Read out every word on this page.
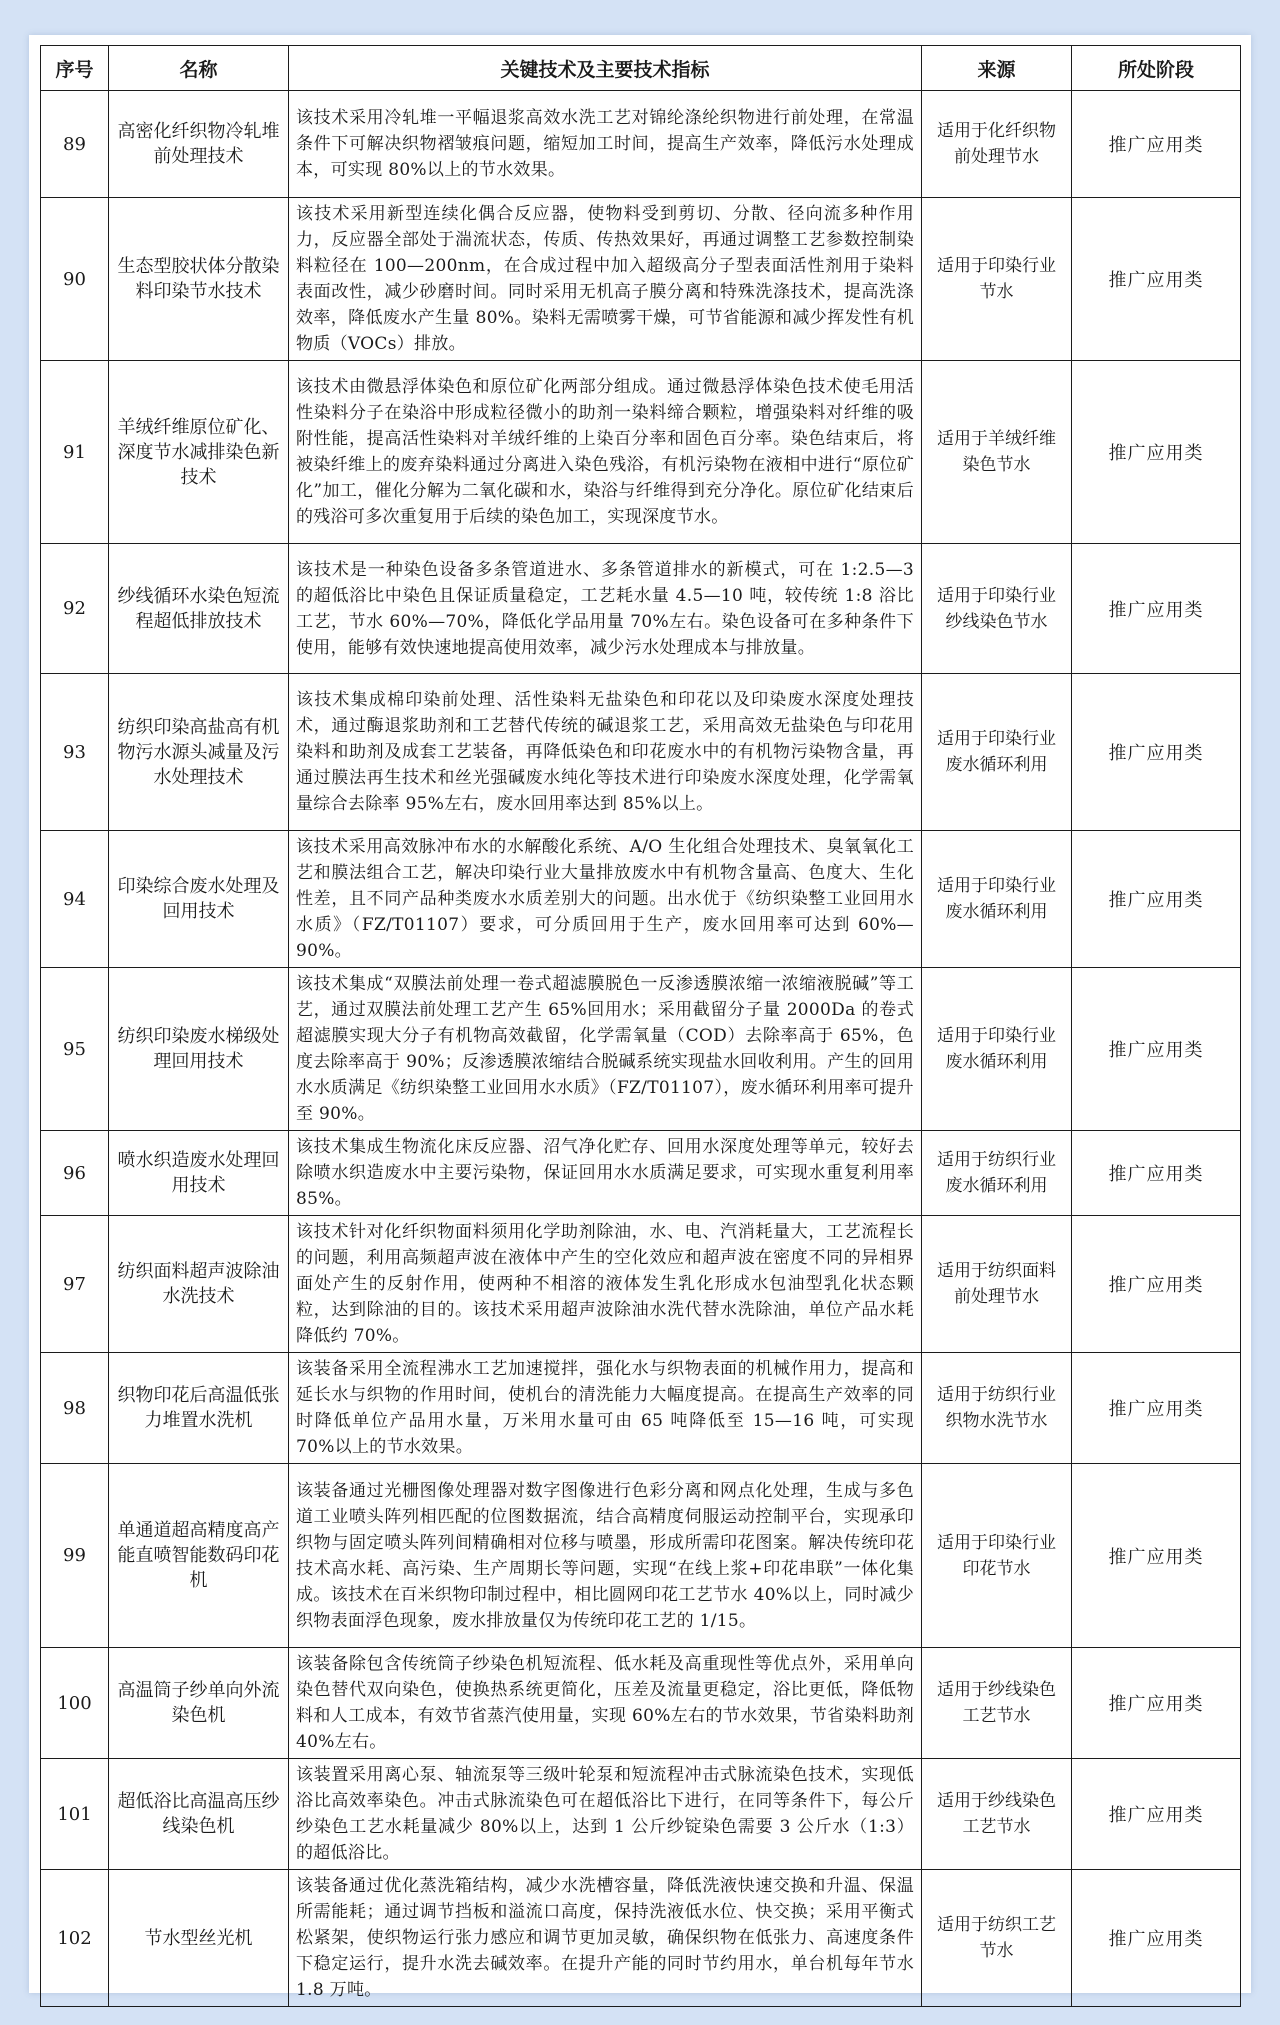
序号	名称	关键技术及主要技术指标	来源	所处阶段
89	高密化纤织物冷轧堆前处理技术	该技术采用冷轧堆一平幅退浆高效水洗工艺对锦纶涤纶织物进行前处理，在常温条件下可解决织物褶皱痕问题，缩短加工时间，提高生产效率，降低污水处理成本，可实现 80%以上的节水效果。	适用于化纤织物前处理节水	推广应用类
90	生态型胶状体分散染料印染节水技术	该技术采用新型连续化偶合反应器，使物料受到剪切、分散、径向流多种作用力，反应器全部处于湍流状态，传质、传热效果好，再通过调整工艺参数控制染料粒径在 100—200nm，在合成过程中加入超级高分子型表面活性剂用于染料表面改性，减少砂磨时间。同时采用无机高子膜分离和特殊洗涤技术，提高洗涤效率，降低废水产生量 80%。染料无需喷雾干燥，可节省能源和减少挥发性有机物质（VOCs）排放。	适用于印染行业节水	推广应用类
91	羊绒纤维原位矿化、深度节水减排染色新技术	该技术由微悬浮体染色和原位矿化两部分组成。通过微悬浮体染色技术使毛用活性染料分子在染浴中形成粒径微小的助剂一染料缔合颗粒，增强染料对纤维的吸附性能，提高活性染料对羊绒纤维的上染百分率和固色百分率。染色结束后，将被染纤维上的废弃染料通过分离进入染色残浴，有机污染物在液相中进行“原位矿化”加工，催化分解为二氧化碳和水，染浴与纤维得到充分净化。原位矿化结束后的残浴可多次重复用于后续的染色加工，实现深度节水。	适用于羊绒纤维染色节水	推广应用类
92	纱线循环水染色短流程超低排放技术	该技术是一种染色设备多条管道进水、多条管道排水的新模式，可在 1:2.5—3 的超低浴比中染色且保证质量稳定，工艺耗水量 4.5—10 吨，较传统 1:8 浴比工艺，节水 60%—70%，降低化学品用量 70%左右。染色设备可在多种条件下使用，能够有效快速地提高使用效率，减少污水处理成本与排放量。	适用于印染行业纱线染色节水	推广应用类
93	纺织印染高盐高有机物污水源头减量及污水处理技术	该技术集成棉印染前处理、活性染料无盐染色和印花以及印染废水深度处理技术，通过酶退浆助剂和工艺替代传统的碱退浆工艺，采用高效无盐染色与印花用染料和助剂及成套工艺装备，再降低染色和印花废水中的有机物污染物含量，再通过膜法再生技术和丝光强碱废水纯化等技术进行印染废水深度处理，化学需氧量综合去除率 95%左右，废水回用率达到 85%以上。	适用于印染行业废水循环利用	推广应用类
94	印染综合废水处理及回用技术	该技术采用高效脉冲布水的水解酸化系统、A/O 生化组合处理技术、臭氧氧化工艺和膜法组合工艺，解决印染行业大量排放废水中有机物含量高、色度大、生化性差，且不同产品种类废水水质差别大的问题。出水优于《纺织染整工业回用水水质》（FZ/T01107）要求，可分质回用于生产，废水回用率可达到 60%—90%。	适用于印染行业废水循环利用	推广应用类
95	纺织印染废水梯级处理回用技术	该技术集成“双膜法前处理一卷式超滤膜脱色一反渗透膜浓缩一浓缩液脱碱”等工艺，通过双膜法前处理工艺产生 65%回用水；采用截留分子量 2000Da 的卷式超滤膜实现大分子有机物高效截留，化学需氧量（COD）去除率高于 65%，色度去除率高于 90%；反渗透膜浓缩结合脱碱系统实现盐水回收利用。产生的回用水水质满足《纺织染整工业回用水水质》（FZ/T01107），废水循环利用率可提升至 90%。	适用于印染行业废水循环利用	推广应用类
96	喷水织造废水处理回用技术	该技术集成生物流化床反应器、沼气净化贮存、回用水深度处理等单元，较好去除喷水织造废水中主要污染物，保证回用水水质满足要求，可实现水重复利用率 85%。	适用于纺织行业废水循环利用	推广应用类
97	纺织面料超声波除油水洗技术	该技术针对化纤织物面料须用化学助剂除油，水、电、汽消耗量大，工艺流程长的问题，利用高频超声波在液体中产生的空化效应和超声波在密度不同的异相界面处产生的反射作用，使两种不相溶的液体发生乳化形成水包油型乳化状态颗粒，达到除油的目的。该技术采用超声波除油水洗代替水洗除油，单位产品水耗降低约 70%。	适用于纺织面料前处理节水	推广应用类
98	织物印花后高温低张力堆置水洗机	该装备采用全流程沸水工艺加速搅拌，强化水与织物表面的机械作用力，提高和延长水与织物的作用时间，使机台的清洗能力大幅度提高。在提高生产效率的同时降低单位产品用水量，万米用水量可由 65 吨降低至 15—16 吨，可实现 70%以上的节水效果。	适用于纺织行业织物水洗节水	推广应用类
99	单通道超高精度高产能直喷智能数码印花机	该装备通过光栅图像处理器对数字图像进行色彩分离和网点化处理，生成与多色道工业喷头阵列相匹配的位图数据流，结合高精度伺服运动控制平台，实现承印织物与固定喷头阵列间精确相对位移与喷墨，形成所需印花图案。解决传统印花技术高水耗、高污染、生产周期长等问题，实现“在线上浆+印花串联”一体化集成。该技术在百米织物印制过程中，相比圆网印花工艺节水 40%以上，同时减少织物表面浮色现象，废水排放量仅为传统印花工艺的 1/15。	适用于印染行业印花节水	推广应用类
100	高温筒子纱单向外流染色机	该装备除包含传统筒子纱染色机短流程、低水耗及高重现性等优点外，采用单向染色替代双向染色，使换热系统更简化，压差及流量更稳定，浴比更低，降低物料和人工成本，有效节省蒸汽使用量，实现 60%左右的节水效果，节省染料助剂 40%左右。	适用于纱线染色工艺节水	推广应用类
101	超低浴比高温高压纱线染色机	该装置采用离心泵、轴流泵等三级叶轮泵和短流程冲击式脉流染色技术，实现低浴比高效率染色。冲击式脉流染色可在超低浴比下进行，在同等条件下，每公斤纱染色工艺水耗量减少 80%以上，达到 1 公斤纱锭染色需要 3 公斤水（1:3）的超低浴比。	适用于纱线染色工艺节水	推广应用类
102	节水型丝光机	该装备通过优化蒸洗箱结构，减少水洗槽容量，降低洗液快速交换和升温、保温所需能耗；通过调节挡板和溢流口高度，保持洗液低水位、快交换；采用平衡式松紧架，使织物运行张力感应和调节更加灵敏，确保织物在低张力、高速度条件下稳定运行，提升水洗去碱效率。在提升产能的同时节约用水，单台机每年节水 1.8 万吨。	适用于纺织工艺节水	推广应用类
